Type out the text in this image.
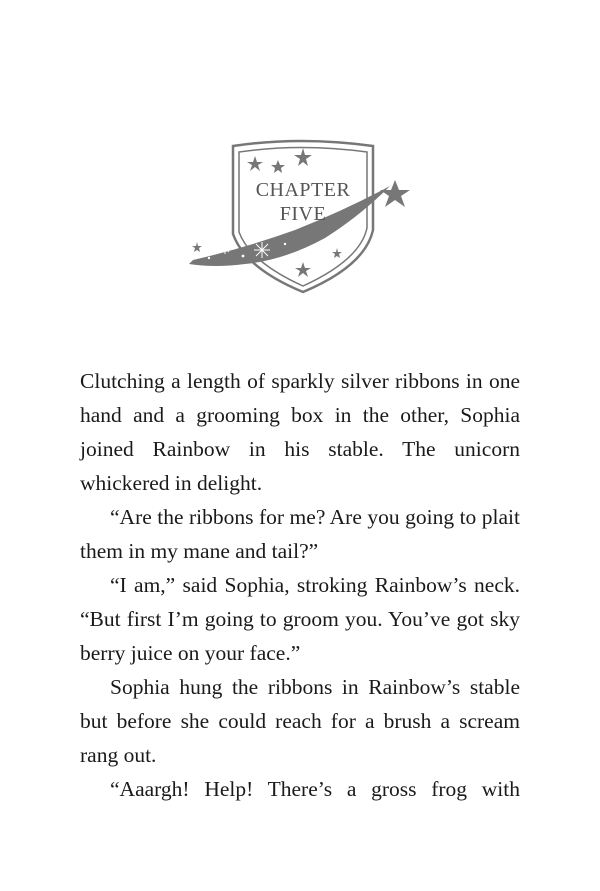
CHAPTER
FIVE

Clutching a length of sparkly silver ribbons in one hand and a grooming box in the other, Sophia joined Rainbow in his stable. The unicorn whickered in delight.

“Are the ribbons for me? Are you going to plait them in my mane and tail?”

“I am,” said Sophia, stroking Rainbow’s neck. “But first I’m going to groom you. You’ve got sky berry juice on your face.”

Sophia hung the ribbons in Rainbow’s stable but before she could reach for a brush a scream rang out.

“Aaargh! Help! There’s a gross frog with
